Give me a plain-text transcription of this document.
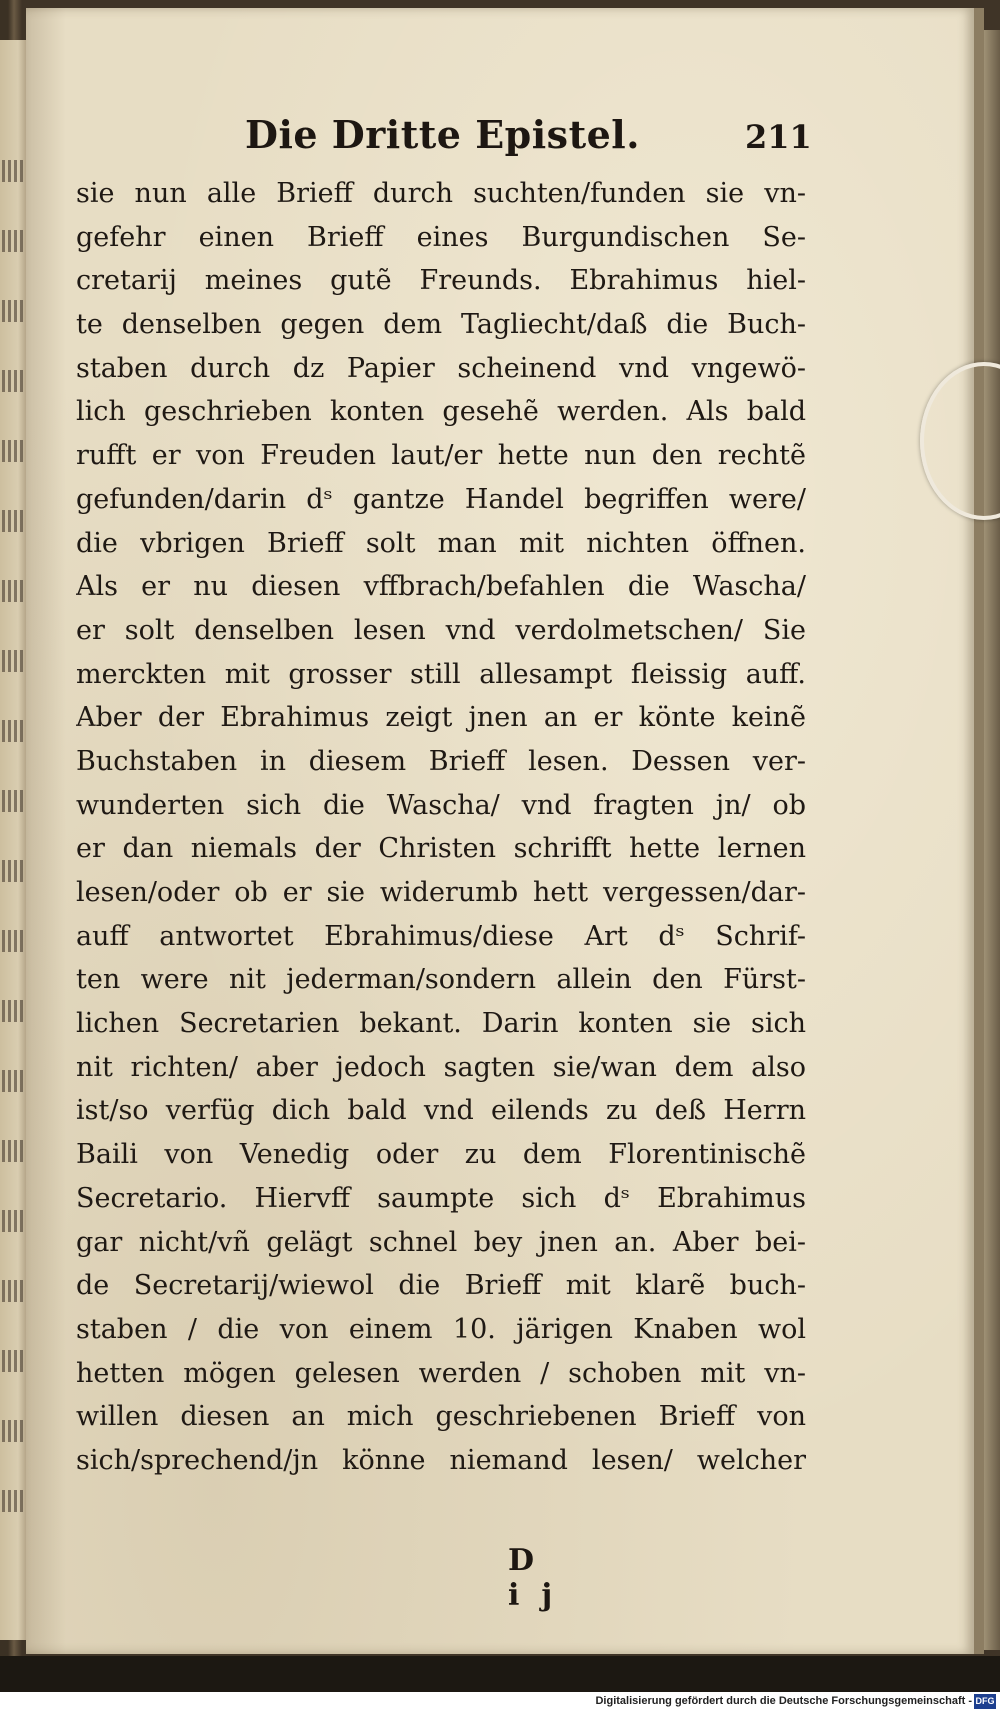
Die Dritte Epistel.	211
sie nun alle Brieff durch suchten/funden sie vn-
gefehr einen Brieff eines Burgundischen Se-
cretarij meines gutẽ Freunds. Ebrahimus hiel-
te denselben gegen dem Tagliecht/daß die Buch-
staben durch dz Papier scheinend vnd vngewö-
lich geschrieben konten gesehẽ werden. Als bald
rufft er von Freuden laut/er hette nun den rechtẽ
gefunden/darin dˢ gantze Handel begriffen were/
die vbrigen Brieff solt man mit nichten öffnen.
Als er nu diesen vffbrach/befahlen die Wascha/
er solt denselben lesen vnd verdolmetschen/ Sie
merckten mit grosser still allesampt fleissig auff.
Aber der Ebrahimus zeigt jnen an er könte keinẽ
Buchstaben in diesem Brieff lesen. Dessen ver-
wunderten sich die Wascha/ vnd fragten jn/ ob
er dan niemals der Christen schrifft hette lernen
lesen/oder ob er sie widerumb hett vergessen/dar-
auff antwortet Ebrahimus/diese Art dˢ Schrif-
ten were nit jederman/sondern allein den Fürst-
lichen Secretarien bekant. Darin konten sie sich
nit richten/ aber jedoch sagten sie/wan dem also
ist/so verfüg dich bald vnd eilends zu deß Herrn
Baili von Venedig oder zu dem Florentinischẽ
Secretario. Hiervff saumpte sich dˢ Ebrahimus
gar nicht/vñ gelägt schnel bey jnen an. Aber bei-
de Secretarij/wiewol die Brieff mit klarẽ buch-
staben / die von einem 10. järigen Knaben wol
hetten mögen gelesen werden / schoben mit vn-
willen diesen an mich geschriebenen Brieff von
sich/sprechend/jn könne niemand lesen/ welcher
D ij
Digitalisierung gefördert durch die Deutsche Forschungsgemeinschaft - DFG
